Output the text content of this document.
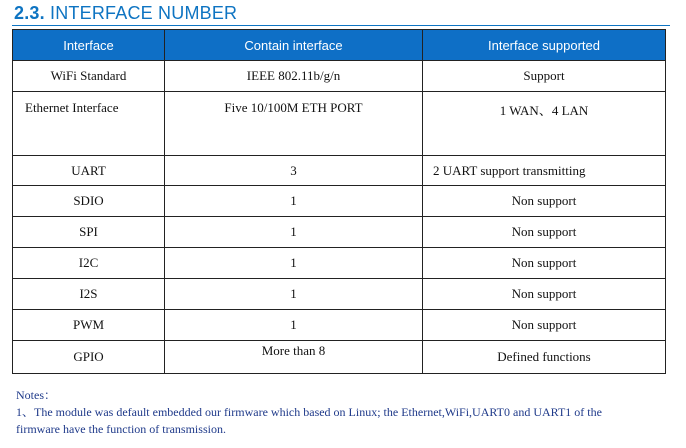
2.3. INTERFACE NUMBER
Interface	Contain interface	Interface supported
WiFi Standard	IEEE 802.11b/g/n	Support
Ethernet Interface	Five 10/100M ETH PORT	1 WAN、4 LAN
UART	3	2 UART support transmitting
SDIO	1	Non support
SPI	1	Non support
I2C	1	Non support
I2S	1	Non support
PWM	1	Non support
GPIO	More than 8	Defined functions
Notes：
1、The module was default embedded our firmware which based on Linux; the Ethernet,WiFi,UART0 and UART1 of the
firmware have the function of transmission.
